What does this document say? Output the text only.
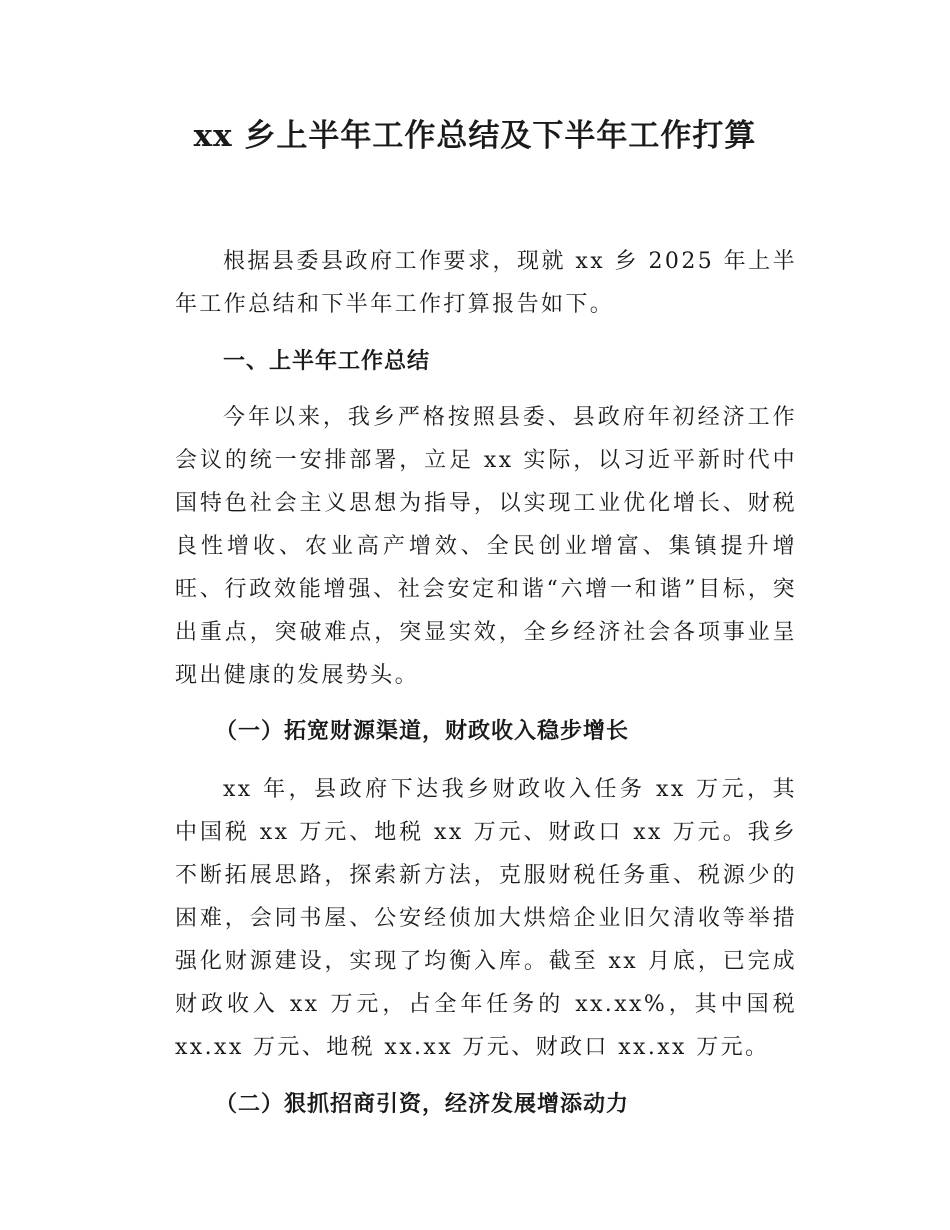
xx 乡上半年工作总结及下半年工作打算

根据县委县政府工作要求，现就 xx 乡 2025 年上半年工作总结和下半年工作打算报告如下。

一、上半年工作总结

今年以来，我乡严格按照县委、县政府年初经济工作会议的统一安排部署，立足 xx 实际，以习近平新时代中国特色社会主义思想为指导，以实现工业优化增长、财税良性增收、农业高产增效、全民创业增富、集镇提升增旺、行政效能增强、社会安定和谐“六增一和谐”目标，突出重点，突破难点，突显实效，全乡经济社会各项事业呈现出健康的发展势头。

（一）拓宽财源渠道，财政收入稳步增长

xx 年，县政府下达我乡财政收入任务 xx 万元，其中国税 xx 万元、地税 xx 万元、财政口 xx 万元。我乡不断拓展思路，探索新方法，克服财税任务重、税源少的困难，会同书屋、公安经侦加大烘焙企业旧欠清收等举措强化财源建设，实现了均衡入库。截至 xx 月底，已完成财政收入 xx 万元，占全年任务的 xx.xx%，其中国税 xx.xx 万元、地税 xx.xx 万元、财政口 xx.xx 万元。

（二）狠抓招商引资，经济发展增添动力
